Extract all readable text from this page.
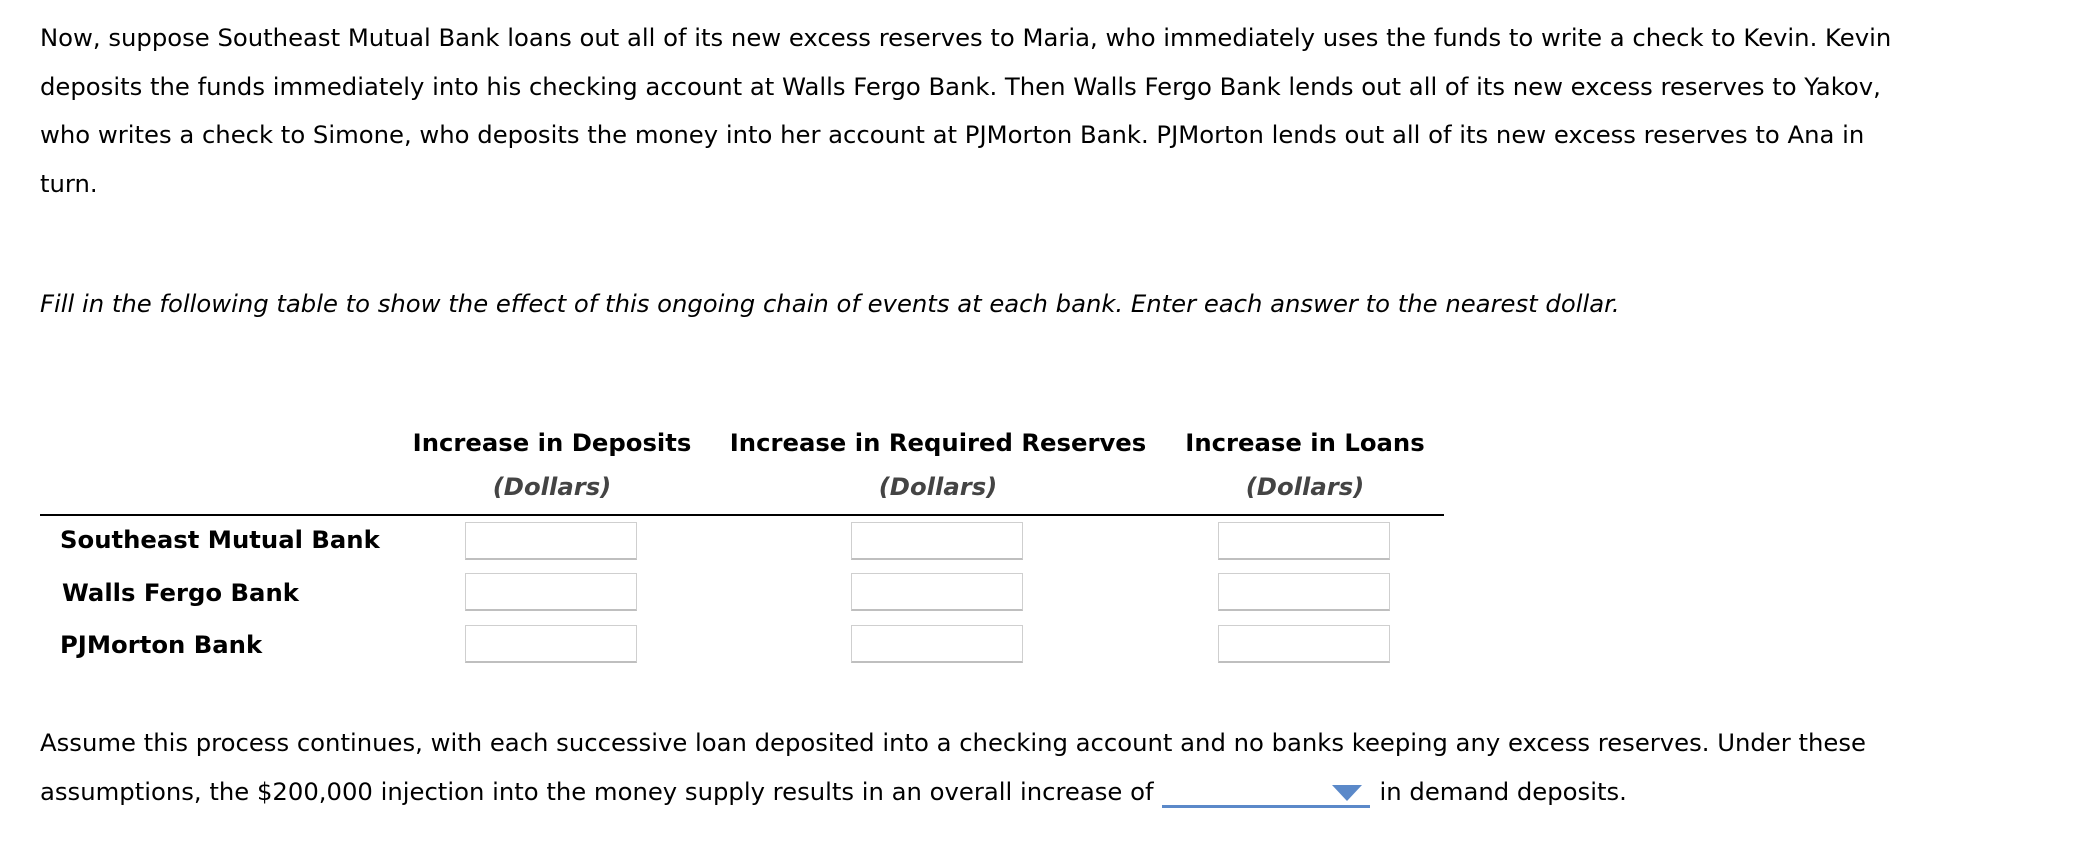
Now, suppose Southeast Mutual Bank loans out all of its new excess reserves to Maria, who immediately uses the funds to write a check to Kevin. Kevin deposits the funds immediately into his checking account at Walls Fergo Bank. Then Walls Fergo Bank lends out all of its new excess reserves to Yakov, who writes a check to Simone, who deposits the money into her account at PJMorton Bank. PJMorton lends out all of its new excess reserves to Ana in turn.
Fill in the following table to show the effect of this ongoing chain of events at each bank. Enter each answer to the nearest dollar.
Increase in Deposits
(Dollars)
Increase in Required Reserves
(Dollars)
Increase in Loans
(Dollars)
Southeast Mutual Bank
Walls Fergo Bank
PJMorton Bank
Assume this process continues, with each successive loan deposited into a checking account and no banks keeping any excess reserves. Under these assumptions, the $200,000 injection into the money supply results in an overall increase of	in demand deposits.
